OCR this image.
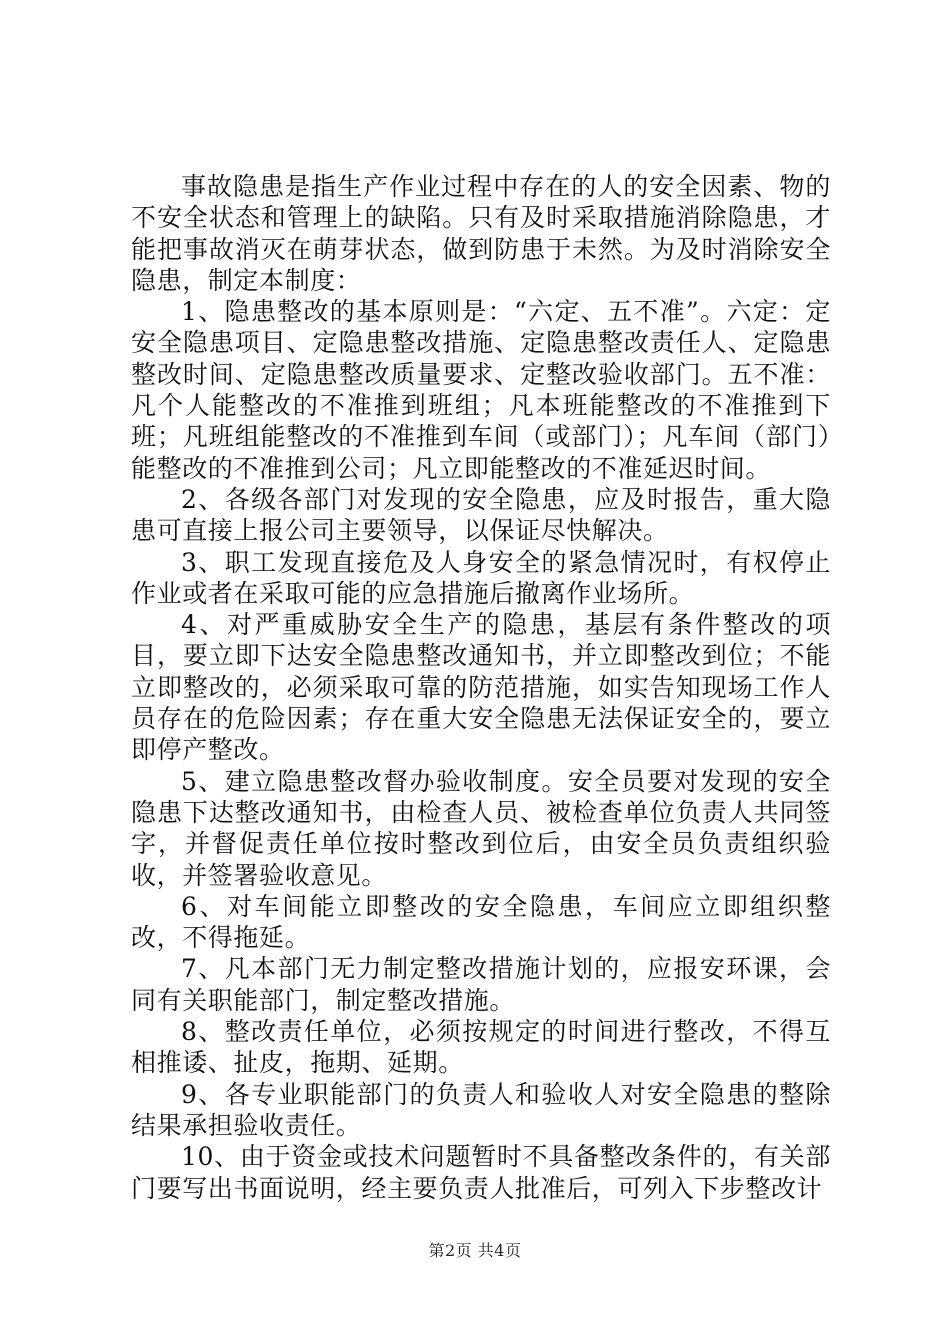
事故隐患是指生产作业过程中存在的人的安全因素、物的不安全状态和管理上的缺陷。只有及时采取措施消除隐患，才能把事故消灭在萌芽状态，做到防患于未然。为及时消除安全隐患，制定本制度：

1、隐患整改的基本原则是：“六定、五不准”。六定：定安全隐患项目、定隐患整改措施、定隐患整改责任人、定隐患整改时间、定隐患整改质量要求、定整改验收部门。五不准：凡个人能整改的不准推到班组；凡本班能整改的不准推到下班；凡班组能整改的不准推到车间（或部门）；凡车间（部门）能整改的不准推到公司；凡立即能整改的不准延迟时间。

2、各级各部门对发现的安全隐患，应及时报告，重大隐患可直接上报公司主要领导，以保证尽快解决。

3、职工发现直接危及人身安全的紧急情况时，有权停止作业或者在采取可能的应急措施后撤离作业场所。

4、对严重威胁安全生产的隐患，基层有条件整改的项目，要立即下达安全隐患整改通知书，并立即整改到位；不能立即整改的，必须采取可靠的防范措施，如实告知现场工作人员存在的危险因素；存在重大安全隐患无法保证安全的，要立即停产整改。

5、建立隐患整改督办验收制度。安全员要对发现的安全隐患下达整改通知书，由检查人员、被检查单位负责人共同签字，并督促责任单位按时整改到位后，由安全员负责组织验收，并签署验收意见。

6、对车间能立即整改的安全隐患，车间应立即组织整改，不得拖延。

7、凡本部门无力制定整改措施计划的，应报安环课，会同有关职能部门，制定整改措施。

8、整改责任单位，必须按规定的时间进行整改，不得互相推诿、扯皮，拖期、延期。

9、各专业职能部门的负责人和验收人对安全隐患的整除结果承担验收责任。

10、由于资金或技术问题暂时不具备整改条件的，有关部门要写出书面说明，经主要负责人批准后，可列入下步整改计

第2页 共4页
